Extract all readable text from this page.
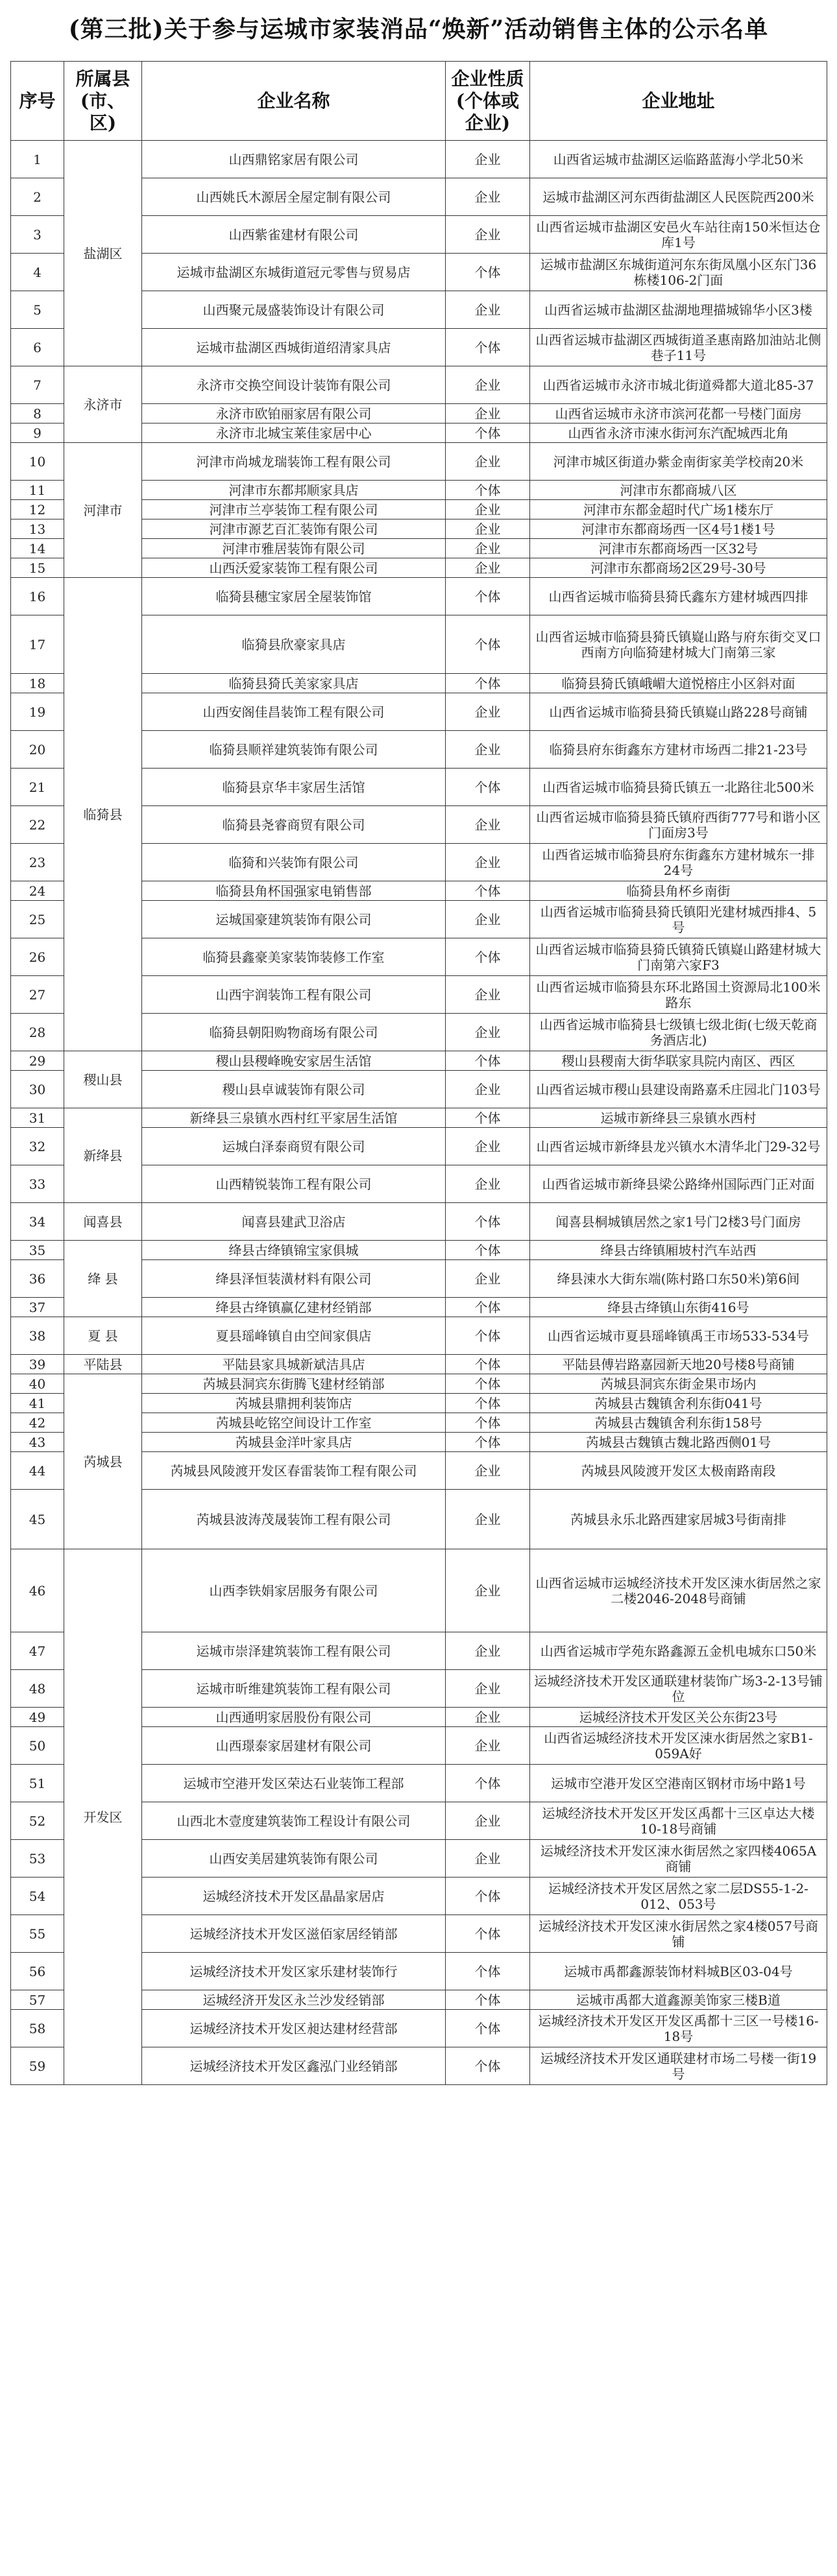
(第三批)关于参与运城市家装消品“焕新”活动销售主体的公示名单
序号	所属县(市、区)	企业名称	企业性质(个体或企业)	企业地址
1	盐湖区	山西鼎铭家居有限公司	企业	山西省运城市盐湖区运临路蓝海小学北50米
2		山西姚氏木源居全屋定制有限公司	企业	运城市盐湖区河东西街盐湖区人民医院西200米
3		山西紫雀建材有限公司	企业	山西省运城市盐湖区安邑火车站往南150米恒达仓库1号
4		运城市盐湖区东城街道冠元零售与贸易店	个体	运城市盐湖区东城街道河东东街凤凰小区东门36栋楼106-2门面
5		山西聚元晟盛装饰设计有限公司	企业	山西省运城市盐湖区盐湖地理描城锦华小区3楼
6		运城市盐湖区西城街道绍清家具店	个体	山西省运城市盐湖区西城街道圣惠南路加油站北侧巷子11号
7	永济市	永济市交换空间设计装饰有限公司	企业	山西省运城市永济市城北街道舜都大道北85-37
8		永济市欧铂丽家居有限公司	企业	山西省运城市永济市滨河花都一号楼门面房
9		永济市北城宝莱佳家居中心	个体	山西省永济市涑水街河东汽配城西北角
10	河津市	河津市尚城龙瑞装饰工程有限公司	企业	河津市城区街道办紫金南街家美学校南20米
11		河津市东都邦顺家具店	个体	河津市东都商城八区
12		河津市兰亭装饰工程有限公司	企业	河津市东都金超时代广场1楼东厅
13		河津市源艺百汇装饰有限公司	企业	河津市东都商场西一区4号1楼1号
14		河津市雅居装饰有限公司	企业	河津市东都商场西一区32号
15		山西沃爱家装饰工程有限公司	企业	河津市东都商场2区29号-30号
16	临猗县	临猗县穗宝家居全屋装饰馆	个体	山西省运城市临猗县猗氏鑫东方建材城西四排
17		临猗县欣豪家具店	个体	山西省运城市临猗县猗氏镇嶷山路与府东街交叉口西南方向临猗建材城大门南第三家
18		临猗县猗氏美家家具店	个体	临猗县猗氏镇峨嵋大道悦榕庄小区斜对面
19		山西安阁佳昌装饰工程有限公司	企业	山西省运城市临猗县猗氏镇嶷山路228号商铺
20		临猗县顺祥建筑装饰有限公司	企业	临猗县府东街鑫东方建材市场西二排21-23号
21		临猗县京华丰家居生活馆	个体	山西省运城市临猗县猗氏镇五一北路往北500米
22		临猗县尧睿商贸有限公司	企业	山西省运城市临猗县猗氏镇府西街777号和谐小区门面房3号
23		临猗和兴装饰有限公司	企业	山西省运城市临猗县府东街鑫东方建材城东一排24号
24		临猗县角杯国强家电销售部	个体	临猗县角杯乡南街
25		运城国豪建筑装饰有限公司	企业	山西省运城市临猗县猗氏镇阳光建材城西排4、5号
26		临猗县鑫豪美家装饰装修工作室	个体	山西省运城市临猗县猗氏镇猗氏镇嶷山路建材城大门南第六家F3
27		山西宇润装饰工程有限公司	企业	山西省运城市临猗县东环北路国土资源局北100米路东
28		临猗县朝阳购物商场有限公司	企业	山西省运城市临猗县七级镇七级北街(七级天乾商务酒店北)
29	稷山县	稷山县稷峰晚安家居生活馆	个体	稷山县稷南大街华联家具院内南区、西区
30		稷山县卓诚装饰有限公司	企业	山西省运城市稷山县建设南路嘉禾庄园北门103号
31	新绛县	新绛县三泉镇水西村红平家居生活馆	个体	运城市新绛县三泉镇水西村
32		运城白泽泰商贸有限公司	企业	山西省运城市新绛县龙兴镇水木清华北门29-32号
33		山西精锐装饰工程有限公司	企业	山西省运城市新绛县梁公路绛州国际西门正对面
34	闻喜县	闻喜县建武卫浴店	个体	闻喜县桐城镇居然之家1号门2楼3号门面房
35	绛 县	绛县古绛镇锦宝家俱城	个体	绛县古绛镇厢坡村汽车站西
36		绛县泽恒装潢材料有限公司	企业	绛县涑水大街东端(陈村路口东50米)第6间
37		绛县古绛镇赢亿建材经销部	个体	绛县古绛镇山东街416号
38	夏 县	夏县瑶峰镇自由空间家俱店	个体	山西省运城市夏县瑶峰镇禹王市场533-534号
39	平陆县	平陆县家具城新斌洁具店	个体	平陆县傅岩路嘉园新天地20号楼8号商铺
40	芮城县	芮城县洞宾东街腾飞建材经销部	个体	芮城县洞宾东街金果市场内
41		芮城县鼎拥利装饰店	个体	芮城县古魏镇舍利东街041号
42		芮城县屹铭空间设计工作室	个体	芮城县古魏镇舍利东街158号
43		芮城县金洋叶家具店	个体	芮城县古魏镇古魏北路西侧01号
44		芮城县风陵渡开发区春雷装饰工程有限公司	企业	芮城县风陵渡开发区太极南路南段
45		芮城县波涛茂晟装饰工程有限公司	企业	芮城县永乐北路西建家居城3号街南排
46	开发区	山西李铁娟家居服务有限公司	企业	山西省运城市运城经济技术开发区涑水街居然之家二楼2046-2048号商铺
47		运城市崇泽建筑装饰工程有限公司	企业	山西省运城市学苑东路鑫源五金机电城东口50米
48		运城市昕维建筑装饰工程有限公司	企业	运城经济技术开发区通联建材装饰广场3-2-13号铺位
49		山西通明家居股份有限公司	企业	运城经济技术开发区关公东街23号
50		山西璟泰家居建材有限公司	企业	山西省运城经济技术开发区涑水街居然之家B1-059A好
51		运城市空港开发区荣达石业装饰工程部	个体	运城市空港开发区空港南区钢材市场中路1号
52		山西北木壹度建筑装饰工程设计有限公司	企业	运城经济技术开发区开发区禹都十三区卓达大楼10-18号商铺
53		山西安美居建筑装饰有限公司	企业	运城经济技术开发区涑水街居然之家四楼4065A商铺
54		运城经济技术开发区晶晶家居店	个体	运城经济技术开发区居然之家二层DS55-1-2-012、053号
55		运城经济技术开发区滋佰家居经销部	个体	运城经济技术开发区涑水街居然之家4楼057号商铺
56		运城经济技术开发区家乐建材装饰行	个体	运城市禹都鑫源装饰材料城B区03-04号
57		运城经济开发区永兰沙发经销部	个体	运城市禹都大道鑫源美饰家三楼B道
58		运城经济技术开发区昶达建材经营部	个体	运城经济技术开发区开发区禹都十三区一号楼16-18号
59		运城经济技术开发区鑫泓门业经销部	个体	运城经济技术开发区通联建材市场二号楼一街19号
